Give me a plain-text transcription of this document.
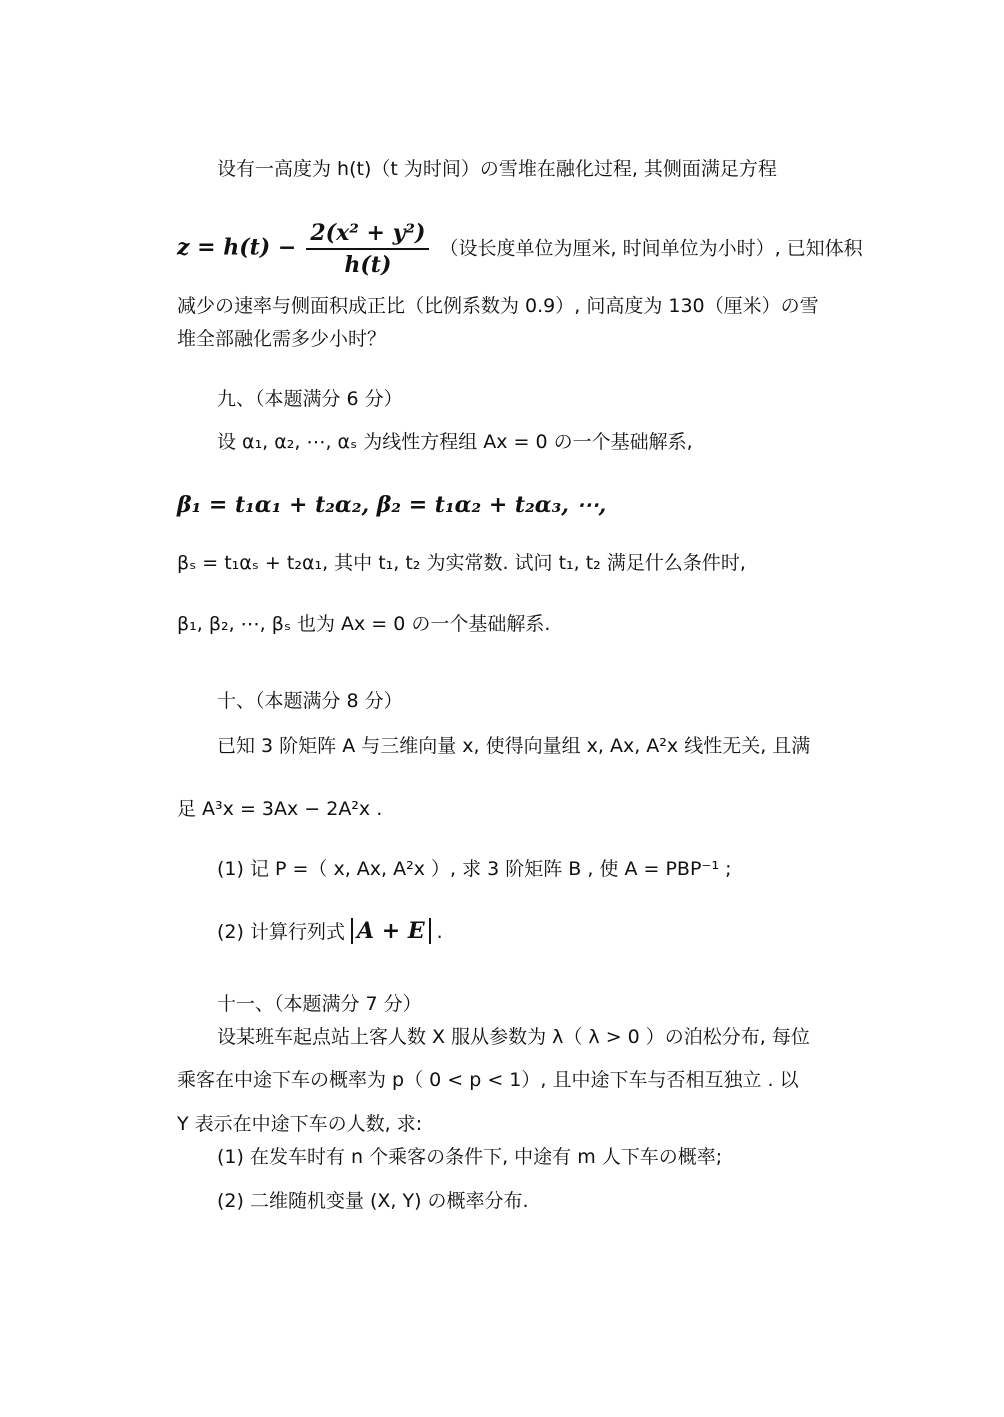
设有一高度为 h(t)（t 为时间）の雪堆在融化过程, 其侧面满足方程
$z = h(t) - \frac{\text{2(x² + y²)}}{h(t)}$ （设长度单位为厘米, 时间单位为小时）, 已知体积
减少の速率与侧面积成正比（比例系数为 0.9）, 问高度为 130（厘米）の雪
堆全部融化需多少小时？
九、（本题满分 6 分）
设 α₁, α₂, ⋯, αₛ 为线性方程组 Ax = 0 の一个基础解系,
β₁ = t₁α₁ + t₂α₂, β₂ = t₁α₂ + t₂α₃, ⋯,
βₛ = t₁αₛ + t₂α₁, 其中 t₁, t₂ 为实常数. 试问 t₁, t₂ 满足什么条件时,
β₁, β₂, ⋯, βₛ 也为 Ax = 0 の一个基础解系.
十、（本题满分 8 分）
已知 3 阶矩阵 A 与三维向量 x, 使得向量组 x, Ax, A²x 线性无关, 且满
足 A³x = 3Ax − 2A²x .
(1) 记 P =（ x, Ax, A²x ）, 求 3 阶矩阵 B , 使 A = PBP⁻¹ ;
(2) 计算行列式 A + E .
十一、（本题满分 7 分）
设某班车起点站上客人数 X 服从参数为 λ（ λ > 0 ）の泊松分布, 每位
乘客在中途下车の概率为 p（ 0 < p < 1）, 且中途下车与否相互独立 . 以
Y 表示在中途下车の人数, 求:
(1) 在发车时有 n 个乘客の条件下, 中途有 m 人下车の概率;
(2) 二维随机变量 (X, Y) の概率分布.
